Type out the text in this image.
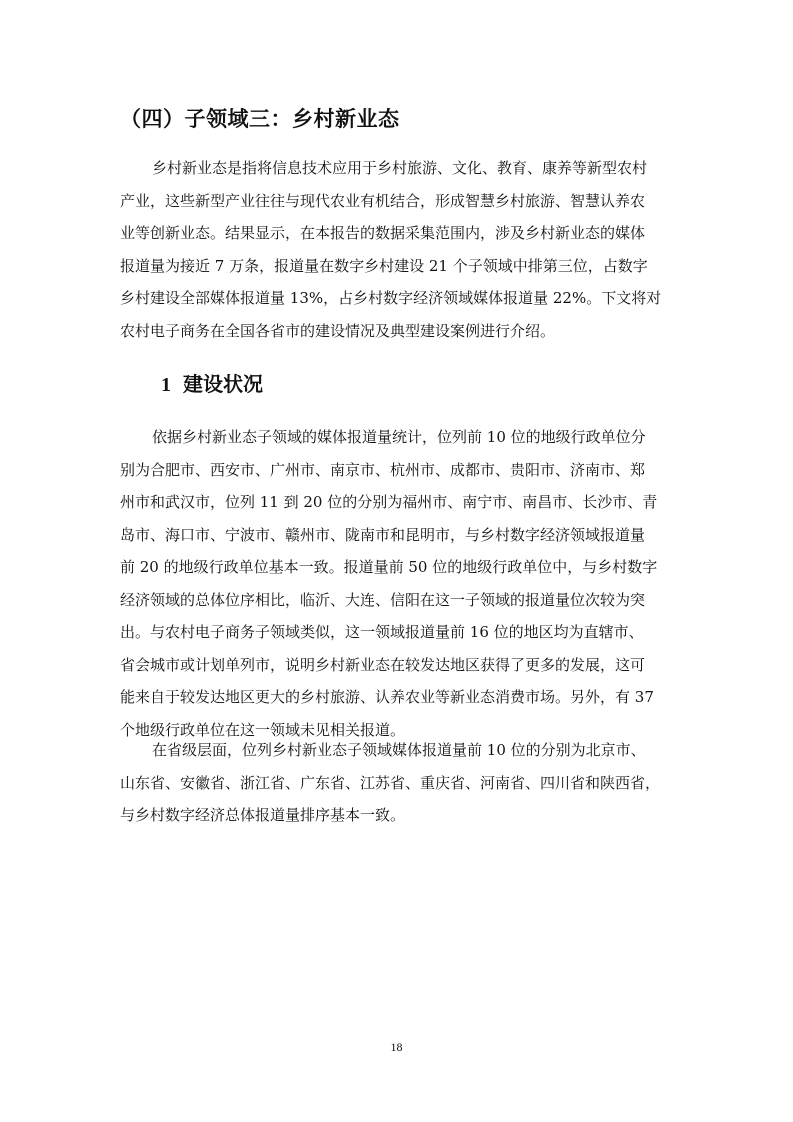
（四）子领域三：乡村新业态
乡村新业态是指将信息技术应用于乡村旅游、文化、教育、康养等新型农村
产业，这些新型产业往往与现代农业有机结合，形成智慧乡村旅游、智慧认养农
业等创新业态。结果显示，在本报告的数据采集范围内，涉及乡村新业态的媒体
报道量为接近 7 万条，报道量在数字乡村建设 21 个子领域中排第三位，占数字
乡村建设全部媒体报道量 13%，占乡村数字经济领域媒体报道量 22%。下文将对
农村电子商务在全国各省市的建设情况及典型建设案例进行介绍。
1 建设状况
依据乡村新业态子领域的媒体报道量统计，位列前 10 位的地级行政单位分
别为合肥市、西安市、广州市、南京市、杭州市、成都市、贵阳市、济南市、郑
州市和武汉市，位列 11 到 20 位的分别为福州市、南宁市、南昌市、长沙市、青
岛市、海口市、宁波市、赣州市、陇南市和昆明市，与乡村数字经济领域报道量
前 20 的地级行政单位基本一致。报道量前 50 位的地级行政单位中，与乡村数字
经济领域的总体位序相比，临沂、大连、信阳在这一子领域的报道量位次较为突
出。与农村电子商务子领域类似，这一领域报道量前 16 位的地区均为直辖市、
省会城市或计划单列市，说明乡村新业态在较发达地区获得了更多的发展，这可
能来自于较发达地区更大的乡村旅游、认养农业等新业态消费市场。另外，有 37
个地级行政单位在这一领域未见相关报道。
在省级层面，位列乡村新业态子领域媒体报道量前 10 位的分别为北京市、
山东省、安徽省、浙江省、广东省、江苏省、重庆省、河南省、四川省和陕西省，
与乡村数字经济总体报道量排序基本一致。
18
